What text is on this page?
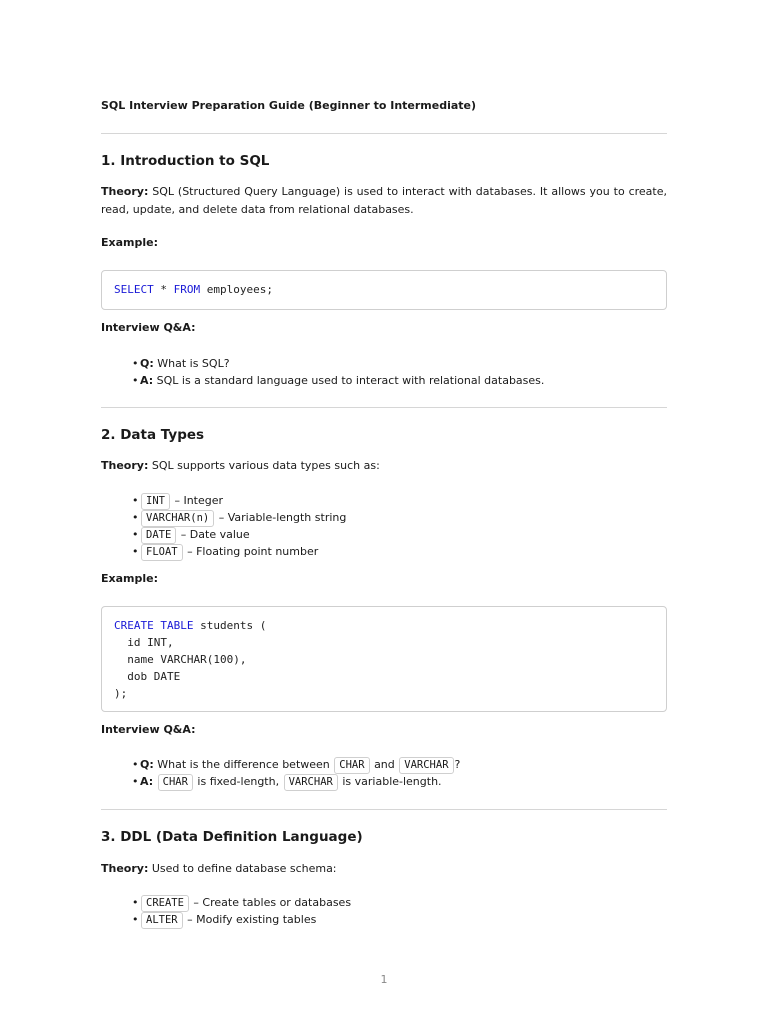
SQL Interview Preparation Guide (Beginner to Intermediate)
1. Introduction to SQL
Theory: SQL (Structured Query Language) is used to interact with databases. It allows you to create, read, update, and delete data from relational databases.
Example:
SELECT * FROM employees;
Interview Q&A:
• Q: What is SQL?
• A: SQL is a standard language used to interact with relational databases.
2. Data Types
Theory: SQL supports various data types such as:
• INT – Integer
• VARCHAR(n) – Variable-length string
• DATE – Date value
• FLOAT – Floating point number
Example:
CREATE TABLE students (
id INT,
name VARCHAR(100),
dob DATE
);
Interview Q&A:
• Q: What is the difference between CHAR and VARCHAR ?
• A: CHAR is fixed-length, VARCHAR is variable-length.
3. DDL (Data Definition Language)
Theory: Used to define database schema:
• CREATE – Create tables or databases
• ALTER – Modify existing tables
1
